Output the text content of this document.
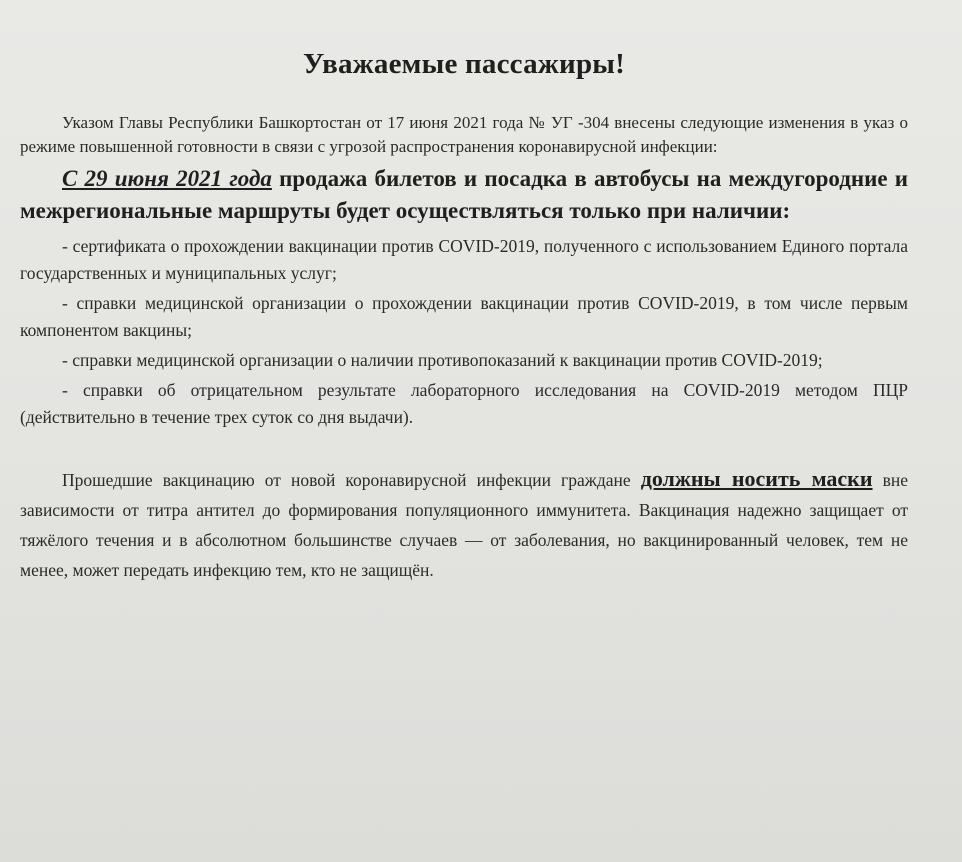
Уважаемые пассажиры!

Указом Главы Республики Башкортостан от 17 июня 2021 года № УГ -304 внесены следующие изменения в указ о режиме повышенной готовности в связи с угрозой распространения коронавирусной инфекции:

С 29 июня 2021 года продажа билетов и посадка в автобусы на междугородние и межрегиональные маршруты будет осуществляться только при наличии:

- сертификата о прохождении вакцинации против COVID-2019, полученного с использованием Единого портала государственных и муниципальных услуг;

- справки медицинской организации о прохождении вакцинации против COVID-2019, в том числе первым компонентом вакцины;

- справки медицинской организации о наличии противопоказаний к вакцинации против COVID-2019;

- справки об отрицательном результате лабораторного исследования на COVID-2019 методом ПЦР (действительно в течение трех суток со дня выдачи).

Прошедшие вакцинацию от новой коронавирусной инфекции граждане должны носить маски вне зависимости от титра антител до формирования популяционного иммунитета. Вакцинация надежно защищает от тяжёлого течения и в абсолютном большинстве случаев — от заболевания, но вакцинированный человек, тем не менее, может передать инфекцию тем, кто не защищён.
